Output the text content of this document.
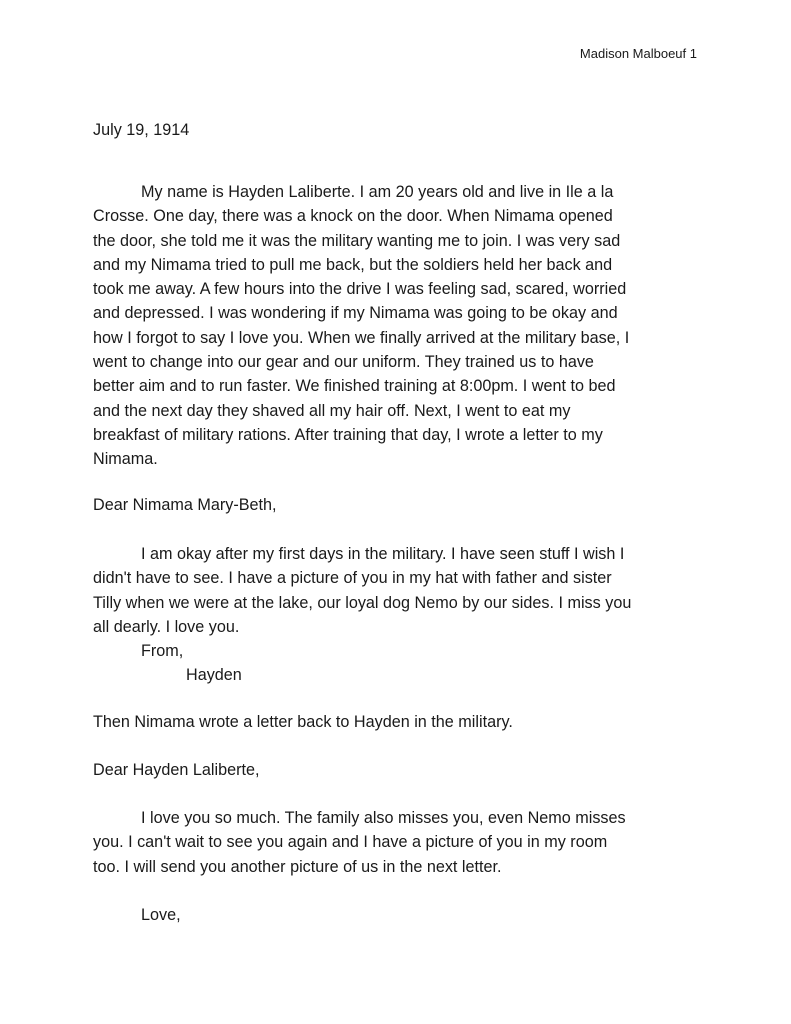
Madison Malboeuf 1

July 19, 1914

My name is Hayden Laliberte. I am 20 years old and live in Ile a la
Crosse. One day, there was a knock on the door. When Nimama opened
the door, she told me it was the military wanting me to join. I was very sad
and my Nimama tried to pull me back, but the soldiers held her back and
took me away. A few hours into the drive I was feeling sad, scared, worried
and depressed. I was wondering if my Nimama was going to be okay and
how I forgot to say I love you. When we finally arrived at the military base, I
went to change into our gear and our uniform. They trained us to have
better aim and to run faster. We finished training at 8:00pm. I went to bed
and the next day they shaved all my hair off. Next, I went to eat my
breakfast of military rations. After training that day, I wrote a letter to my
Nimama.

Dear Nimama Mary-Beth,

I am okay after my first days in the military. I have seen stuff I wish I
didn't have to see. I have a picture of you in my hat with father and sister
Tilly when we were at the lake, our loyal dog Nemo by our sides. I miss you
all dearly. I love you.
From,
Hayden

Then Nimama wrote a letter back to Hayden in the military.

Dear Hayden Laliberte,

I love you so much. The family also misses you, even Nemo misses
you. I can't wait to see you again and I have a picture of you in my room
too. I will send you another picture of us in the next letter.

Love,
